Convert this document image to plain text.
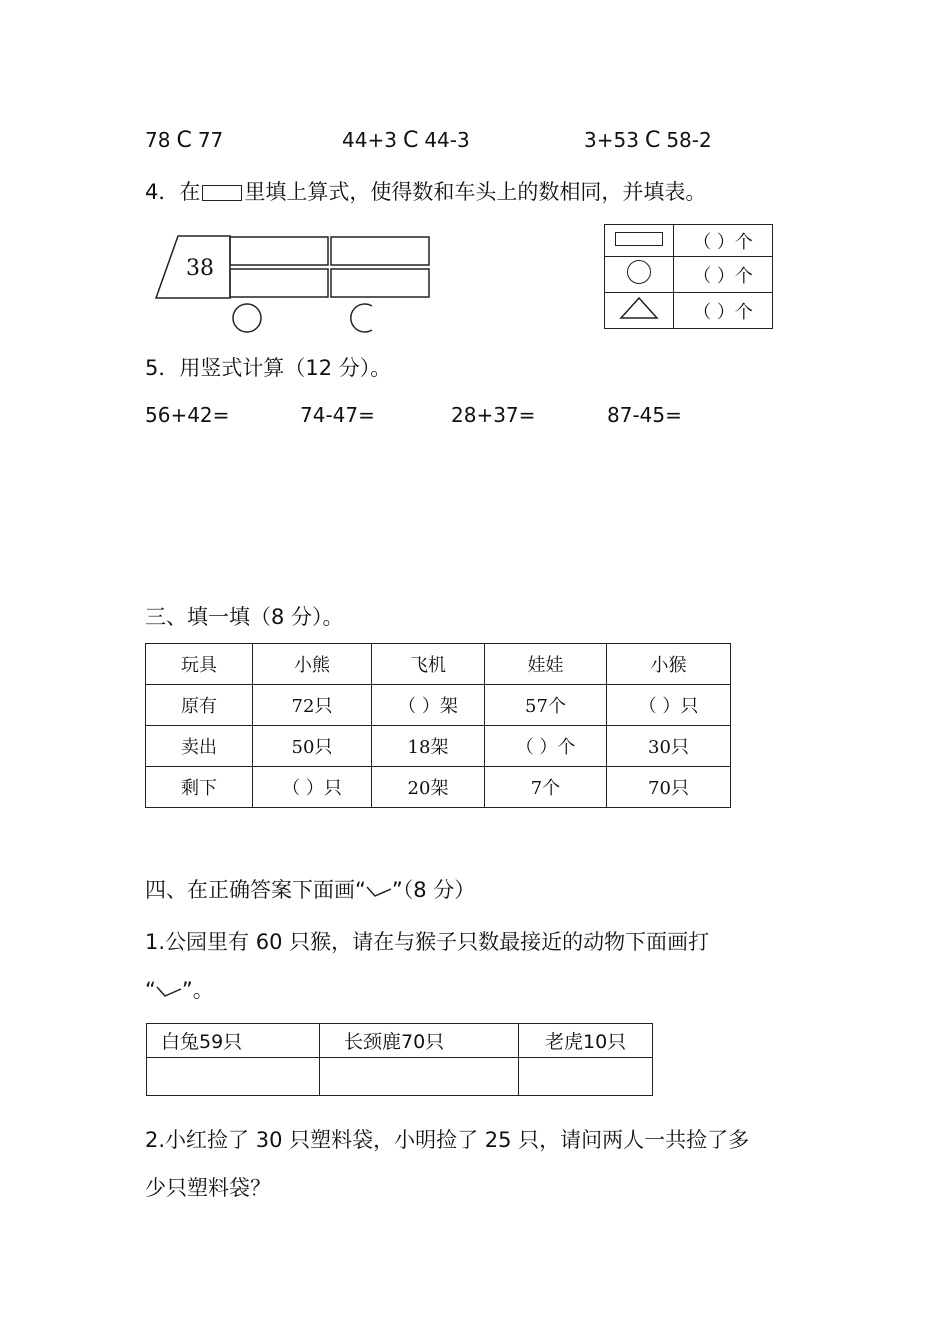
78 C 77	44+3 C 44-3	3+53 C 58-2
4．在 里填上算式，使得数和车头上的数相同，并填表。
38
	（ ）个
	（ ）个
	（ ）个
5．用竖式计算（12 分）。
56+42=	74-47=	28+37=	87-45=
三、填一填（8 分）。
玩具	小熊	飞机	娃娃	小猴
原有	72只	（ ）架	57个	（ ）只
卖出	50只	18架	（ ）个	30只
剩下	（ ）只	20架	7个	70只
四、在正确答案下面画“ ”（8 分）
1.公园里有 60 只猴，请在与猴子只数最接近的动物下面画打
“ ”。
白兔59只	长颈鹿70只	老虎10只

2.小红捡了 30 只塑料袋，小明捡了 25 只，请问两人一共捡了多
少只塑料袋？
